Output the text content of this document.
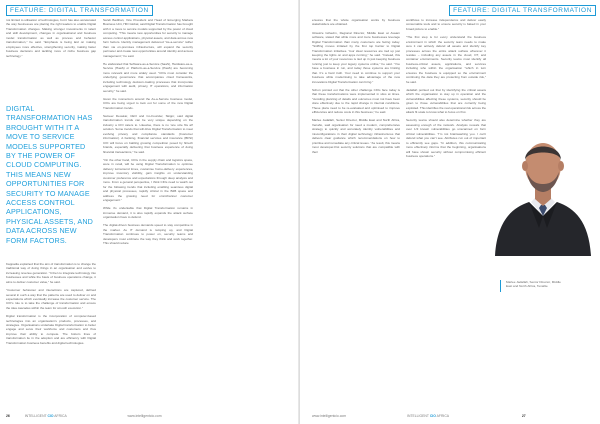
FEATURE: DIGITAL TRANSFORMATION

not limited to utilisation of technologies, but it has also accelerated the way businesses are placing the right leaders to enable Digital Transformation changes. Making stronger investments in talent and skill development, changes in organisational and business model transformation as well as process and behavior transformation," he said. "Emphasis is being laid on making employees more effective, strengthening security, making faster business decisions and tackling more of niche business gap technology."

DIGITAL TRANSFORMATION HAS BROUGHT WITH IT A MOVE TO SERVICE MODELS SUPPORTED BY THE POWER OF CLOUD COMPUTING. THIS MEANS NEW OPPORTUNITIES FOR SECURITY TO MANAGE ACCESS CONTROL APPLICATIONS, PHYSICAL ASSETS, AND DATA ACROSS NEW FORM FACTORS.

Kappadia explained that the aim of transformation is to change the traditional way of doing things in an organisation and evolve to increasing revenue generation. "It then to integrate technology into businesses and while the basis of business operations change, it aims to deliver customer value," he said.

"Customer behaviour and interactions are captured, defined several in such a way that the patterns are used to deliver on and expectations which eventually increase the customer service. The CIO's role is to take the challenge of transformation and ensure the idea cascades within the team for smooth execution."

Digital transformation is the incorporation of computer-based technologies into an organisation's products, processes, and strategies. Organisations undertake Digital transformation to better engage and serve their workforce and customers and thus improve their ability to compete. The bottom lines of transformation lie in the adoption and are efficiency with Digital Transformation business benefits and digital technologies.

Sandi Badihan, Vice President and Head of Emerging Markets Business Unit, HID Global, said Digital Transformation has brought with it a move to service models supported by the power of cloud computing. "This means new opportunities for security to manage access control applications, physical assets, and data across new form factors. Identity management delivered "As-a-service" rather than via on-premises infrastructure, will expand the security perimeter and create new opportunities around identity and access management," he said.

He elaborated that Software-as-a-Service (SaaS), Hardware-as-a-Service (HaaS) or Platform-as-a-Service (PaaS) are becoming more relevant and more widely used. "CIOs must consider the underlying governance that accompanies cloud frameworks, including technology decision-making processes that incorporate engagement with audit, privacy, IT operations, and information security," he said.

Given the momentum around the As-a-Service business model, CIOs are being urged to look out for some of the new Digital Transformation trends.

Sameer Deoskar, CEO and Co-Founder, Skippr, said digital transformation trends can be very unique depending on the industry a CIO caters to. Likewise, there is no 'one size fits all' solution. Some trends that will drive Digital Transformation to meet evolving privacy and compliance standards (Customer information). A banking, financial services and insurance (BFSI) CIO will focus on battling growing competition posed by fintech brands, especially delivering that business experience of doing financial transactions," he said.

"On the other hand, CIOs in the supply chain and logistics space, were in retail, will be using Digital Transformation to optimise delivery turnaround times, customise home-delivery experiences, improve inventory visibility, gain insights on understanding customer preference and expectations through deep analysis and more. From a general perspective, I think CIOs need to watch out for the following trends that including enabling seamless digital and physical processes, rapidly critical in the B2B space and address the growing need for omnichannel customer engagement."

While it's undeniable that Digital Transformation remains in immense demand, it is also rapidly expands the attack surface organisation have to defend.

The digital-driven business demands speed to stay competitive in the market. As IT demand is ramping up, and Digital Transformation continues to power on, security teams and developers must embrace the way they think and work together. This should reduce

26	INTELLIGENT CIO AFRICA	www.intelligentcio.com
FEATURE: DIGITAL TRANSFORMATION

ensures that the whole organisation works by business stakeholders are obtained.

Ukwuize Iwhavim, Regional Director, Middle East at Avaam software, stated that while more and more businesses leverage Digital Transformation than many customers are facing today. "Sniffing moves initiated by the first top barrier to Digital Transformation initiatives. Your ideal resources are tied up just keeping the lights on and apps running," he said. "Instead, this means a lot of your resources is tied up in just keeping business running just to keep your legacy systems online," he said. "You have a business in run, and today those systems are limiting that. It's a hard truth. Your need to continue to support your business while modernising to take advantage of the new innovations Digital Transformation can bring."

Schon pointed out that the other challenge CIOs face today is that these transformations were implemented in silos at times. "Avoiding planning of details and outcomes must not have been done effectively due to the rapid change in internal conditions. These plans need to be re-evaluated and optimised to improve efficiencies and reduce costs in this business," he said.

Marlee Jadallah, Senior Director, Middle East and North Africa, Venafio, said organisation for need a modern, comprehensive strategy to quickly and accurately identity vulnerabilities and misconfigurations in their digital technology infrastructures that delivers clear guidance which recommendations on how to prioritise and remediate any critical issues. "As result, this means most developer-first security solutions that are compatible with their

workflows to increase independence and deliver easily consumable tools and to ensure security is baked in your broad picture to enable."

"The first step is for every understand the business environment in which the security team needs to make sure it can actively defend all assets and identify key processes across the entire attack surface wherever it resides – including any assets in the cloud, OT, and container environments. Security teams must identify all business-critical assets, applications, and services including who within the organisation "which in turn ensures the business is equipped so the environment continuing the data they are protecting from outside risk," he said.

Jadallah pointed out that by identifying the critical assets which the organisation to stay up in operation and the vulnerabilities affecting these systems, security should be given to those vulnerabilities that are currently being exploited. This identifies the real operational risk across the attack fit scale to know what to focus on first.

Security teams should also determine whether they are assessing enough of the network. Analysis reveals that over 1/3 known vulnerabilities go unscanned on form critical vulnerabilities. "I'm not brainwashing you. I can't defend what you can't see. Attributes run out of important to efficiently see gaps. "In addition, this communicating more effectively informs that the beginning, organisations will have shown security without compromising efficient business operations."

Marlee Jadallah, Senior Director, Middle East and North Africa, Tenable
www.intelligentcio.com	INTELLIGENT CIO AFRICA	27
